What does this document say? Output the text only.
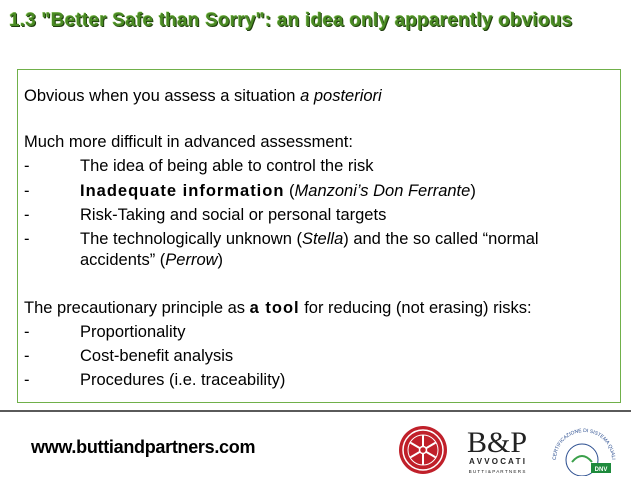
1.3 "Better Safe than Sorry": an idea only apparently obvious
Obvious when you assess a situation a posteriori
Much more difficult in advanced assessment:
-	The idea of being able to control the risk
-	Inadequate information (Manzoni’s Don Ferrante)
-	Risk-Taking and social or personal targets
-	The technologically unknown (Stella) and the so called “normal
accidents” (Perrow)
The precautionary principle as a tool for reducing (not erasing) risks:
-	Proportionality
-	Cost-benefit analysis
-	Procedures (i.e. traceability)
www.buttiandpartners.com	B&P
A V V O C A T I
B U T T I & P A R T N E R S
CERTIFICAZIONE DI SISTEMA QUALI
DNV
